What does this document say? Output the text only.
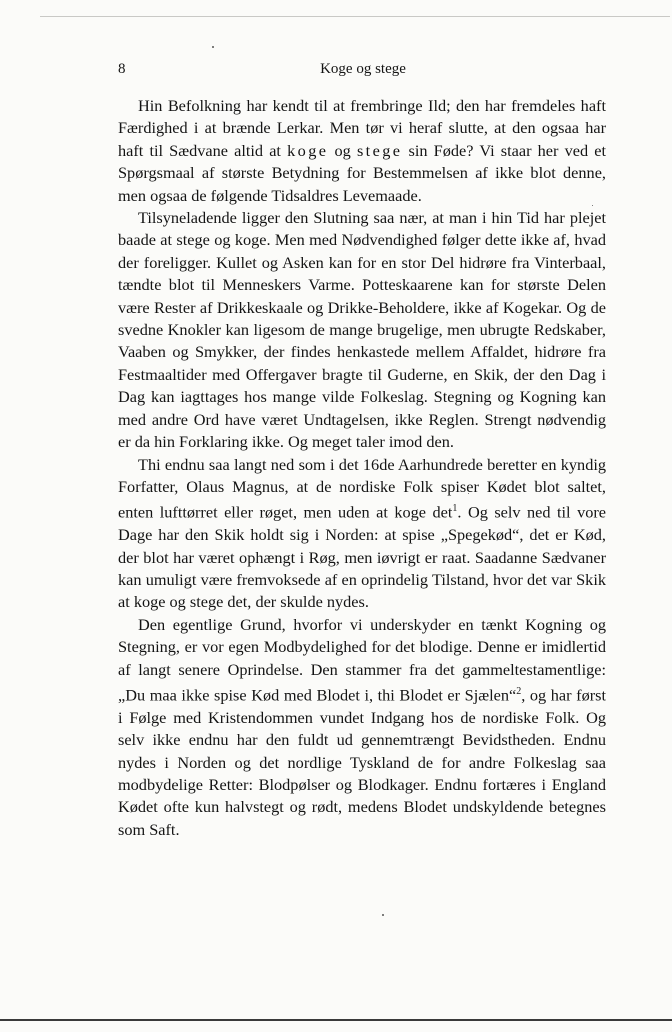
8	Koge og stege

Hin Befolkning har kendt til at frembringe Ild; den har fremdeles haft Færdighed i at brænde Lerkar. Men tør vi heraf slutte, at den ogsaa har haft til Sædvane altid at koge og stege sin Føde? Vi staar her ved et Spørgsmaal af største Betydning for Bestemmelsen af ikke blot denne, men ogsaa de følgende Tidsaldres Levemaade.

Tilsyneladende ligger den Slutning saa nær, at man i hin Tid har plejet baade at stege og koge. Men med Nødvendighed følger dette ikke af, hvad der foreligger. Kullet og Asken kan for en stor Del hidrøre fra Vinterbaal, tændte blot til Menneskers Varme. Potteskaarene kan for største Delen være Rester af Drikkeskaale og Drikke-Beholdere, ikke af Kogekar. Og de svedne Knokler kan ligesom de mange brugelige, men ubrugte Redskaber, Vaaben og Smykker, der findes henkastede mellem Affaldet, hidrøre fra Festmaaltider med Offergaver bragte til Guderne, en Skik, der den Dag i Dag kan iagttages hos mange vilde Folkeslag. Stegning og Kogning kan med andre Ord have været Undtagelsen, ikke Reglen. Strengt nødvendig er da hin Forklaring ikke. Og meget taler imod den.

Thi endnu saa langt ned som i det 16de Aarhundrede beretter en kyndig Forfatter, Olaus Magnus, at de nordiske Folk spiser Kødet blot saltet, enten lufttørret eller røget, men uden at koge $\det^1$. Og selv ned til vore Dage har den Skik holdt sig i Norden: at spise „Spegekød“, det er Kød, der blot har været ophængt i Røg, men iøvrigt er raat. Saadanne Sædvaner kan umuligt være fremvoksede af en oprindelig Tilstand, hvor det var Skik at koge og stege det, der skulde nydes.

Den egentlige Grund, hvorfor vi underskyder en tænkt Kogning og Stegning, er vor egen Modbydelighed for det blodige. Denne er imidlertid af langt senere Oprindelse. Den stammer fra det gammeltestamentlige: „Du maa ikke spise Kød med Blodet i, thi Blodet er Sjælen“$^2$, og har først i Følge med Kristendommen vundet Indgang hos de nordiske Folk. Og selv ikke endnu har den fuldt ud gennemtrængt Bevidstheden. Endnu nydes i Norden og det nordlige Tyskland de for andre Folkeslag saa modbydelige Retter: Blodpølser og Blodkager. Endnu fortæres i England Kødet ofte kun halvstegt og rødt, medens Blodet undskyldende betegnes som Saft.
